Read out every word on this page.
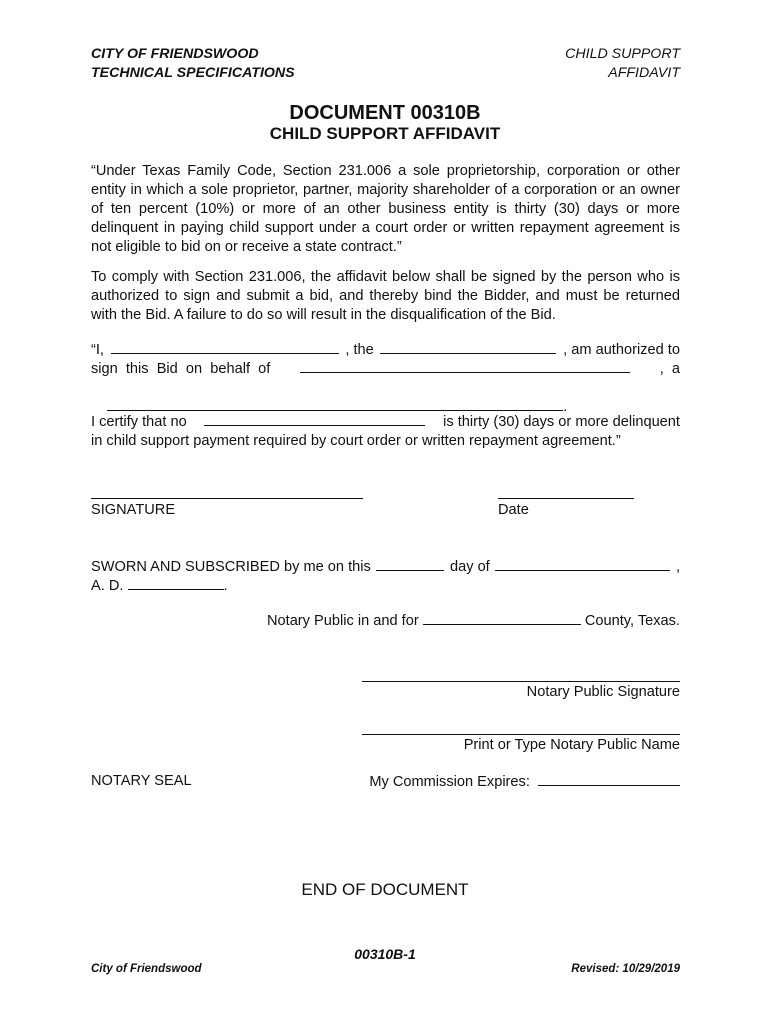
CITY OF FRIENDSWOOD
TECHNICAL SPECIFICATIONS
CHILD SUPPORT
AFFIDAVIT
DOCUMENT 00310B
CHILD SUPPORT AFFIDAVIT
“Under Texas Family Code, Section 231.006 a sole proprietorship, corporation or other entity in which a sole proprietor, partner, majority shareholder of a corporation or an owner of ten percent (10%) or more of an other business entity is thirty (30) days or more delinquent in paying child support under a court order or written repayment agreement is not eligible to bid on or receive a state contract.”
To comply with Section 231.006, the affidavit below shall be signed by the person who is authorized to sign and submit a bid, and thereby bind the Bidder, and must be returned with the Bid. A failure to do so will result in the disqualification of the Bid.
“I,	, the	, am authorized to
sign  this  Bid  on  behalf  of	,  a

.

I certify that no	is thirty (30) days or more delinquent
in child support payment required by court order or written repayment agreement.”
SIGNATURE	Date
SWORN AND SUBSCRIBED by me on this	day of	,
A. D.	.
Notary Public in and for	County, Texas.
Notary Public Signature
Print or Type Notary Public Name
NOTARY SEAL	My Commission Expires:
END OF DOCUMENT
00310B-1
City of Friendswood	Revised: 10/29/2019
